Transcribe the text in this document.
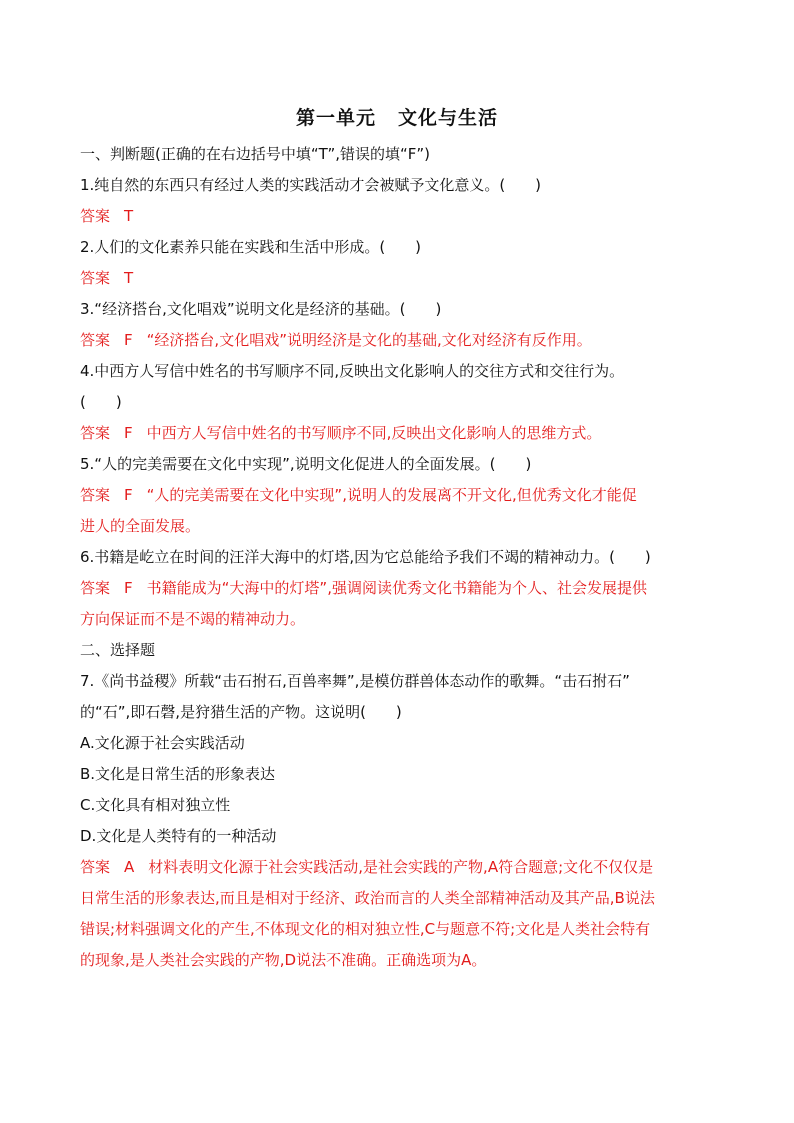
第一单元 文化与生活
一、判断题(正确的在右边括号中填“T”,错误的填“F”)
1.纯自然的东西只有经过人类的实践活动才会被赋予文化意义。(　　)
答案 T
2.人们的文化素养只能在实践和生活中形成。(　　)
答案 T
3.“经济搭台,文化唱戏”说明文化是经济的基础。(　　)
答案 F “经济搭台,文化唱戏”说明经济是文化的基础,文化对经济有反作用。
4.中西方人写信中姓名的书写顺序不同,反映出文化影响人的交往方式和交往行为。
(　　)
答案 F 中西方人写信中姓名的书写顺序不同,反映出文化影响人的思维方式。
5.“人的完美需要在文化中实现”,说明文化促进人的全面发展。(　　)
答案 F “人的完美需要在文化中实现”,说明人的发展离不开文化,但优秀文化才能促
进人的全面发展。
6.书籍是屹立在时间的汪洋大海中的灯塔,因为它总能给予我们不竭的精神动力。(　　)
答案 F 书籍能成为“大海中的灯塔”,强调阅读优秀文化书籍能为个人、社会发展提供
方向保证而不是不竭的精神动力。
二、选择题
7.《尚书益稷》所载“击石拊石,百兽率舞”,是模仿群兽体态动作的歌舞。“击石拊石”
的“石”,即石磬,是狩猎生活的产物。这说明(　　)
A.文化源于社会实践活动
B.文化是日常生活的形象表达
C.文化具有相对独立性
D.文化是人类特有的一种活动
答案 A 材料表明文化源于社会实践活动,是社会实践的产物,A符合题意;文化不仅仅是
日常生活的形象表达,而且是相对于经济、政治而言的人类全部精神活动及其产品,B说法
错误;材料强调文化的产生,不体现文化的相对独立性,C与题意不符;文化是人类社会特有
的现象,是人类社会实践的产物,D说法不准确。正确选项为A。
